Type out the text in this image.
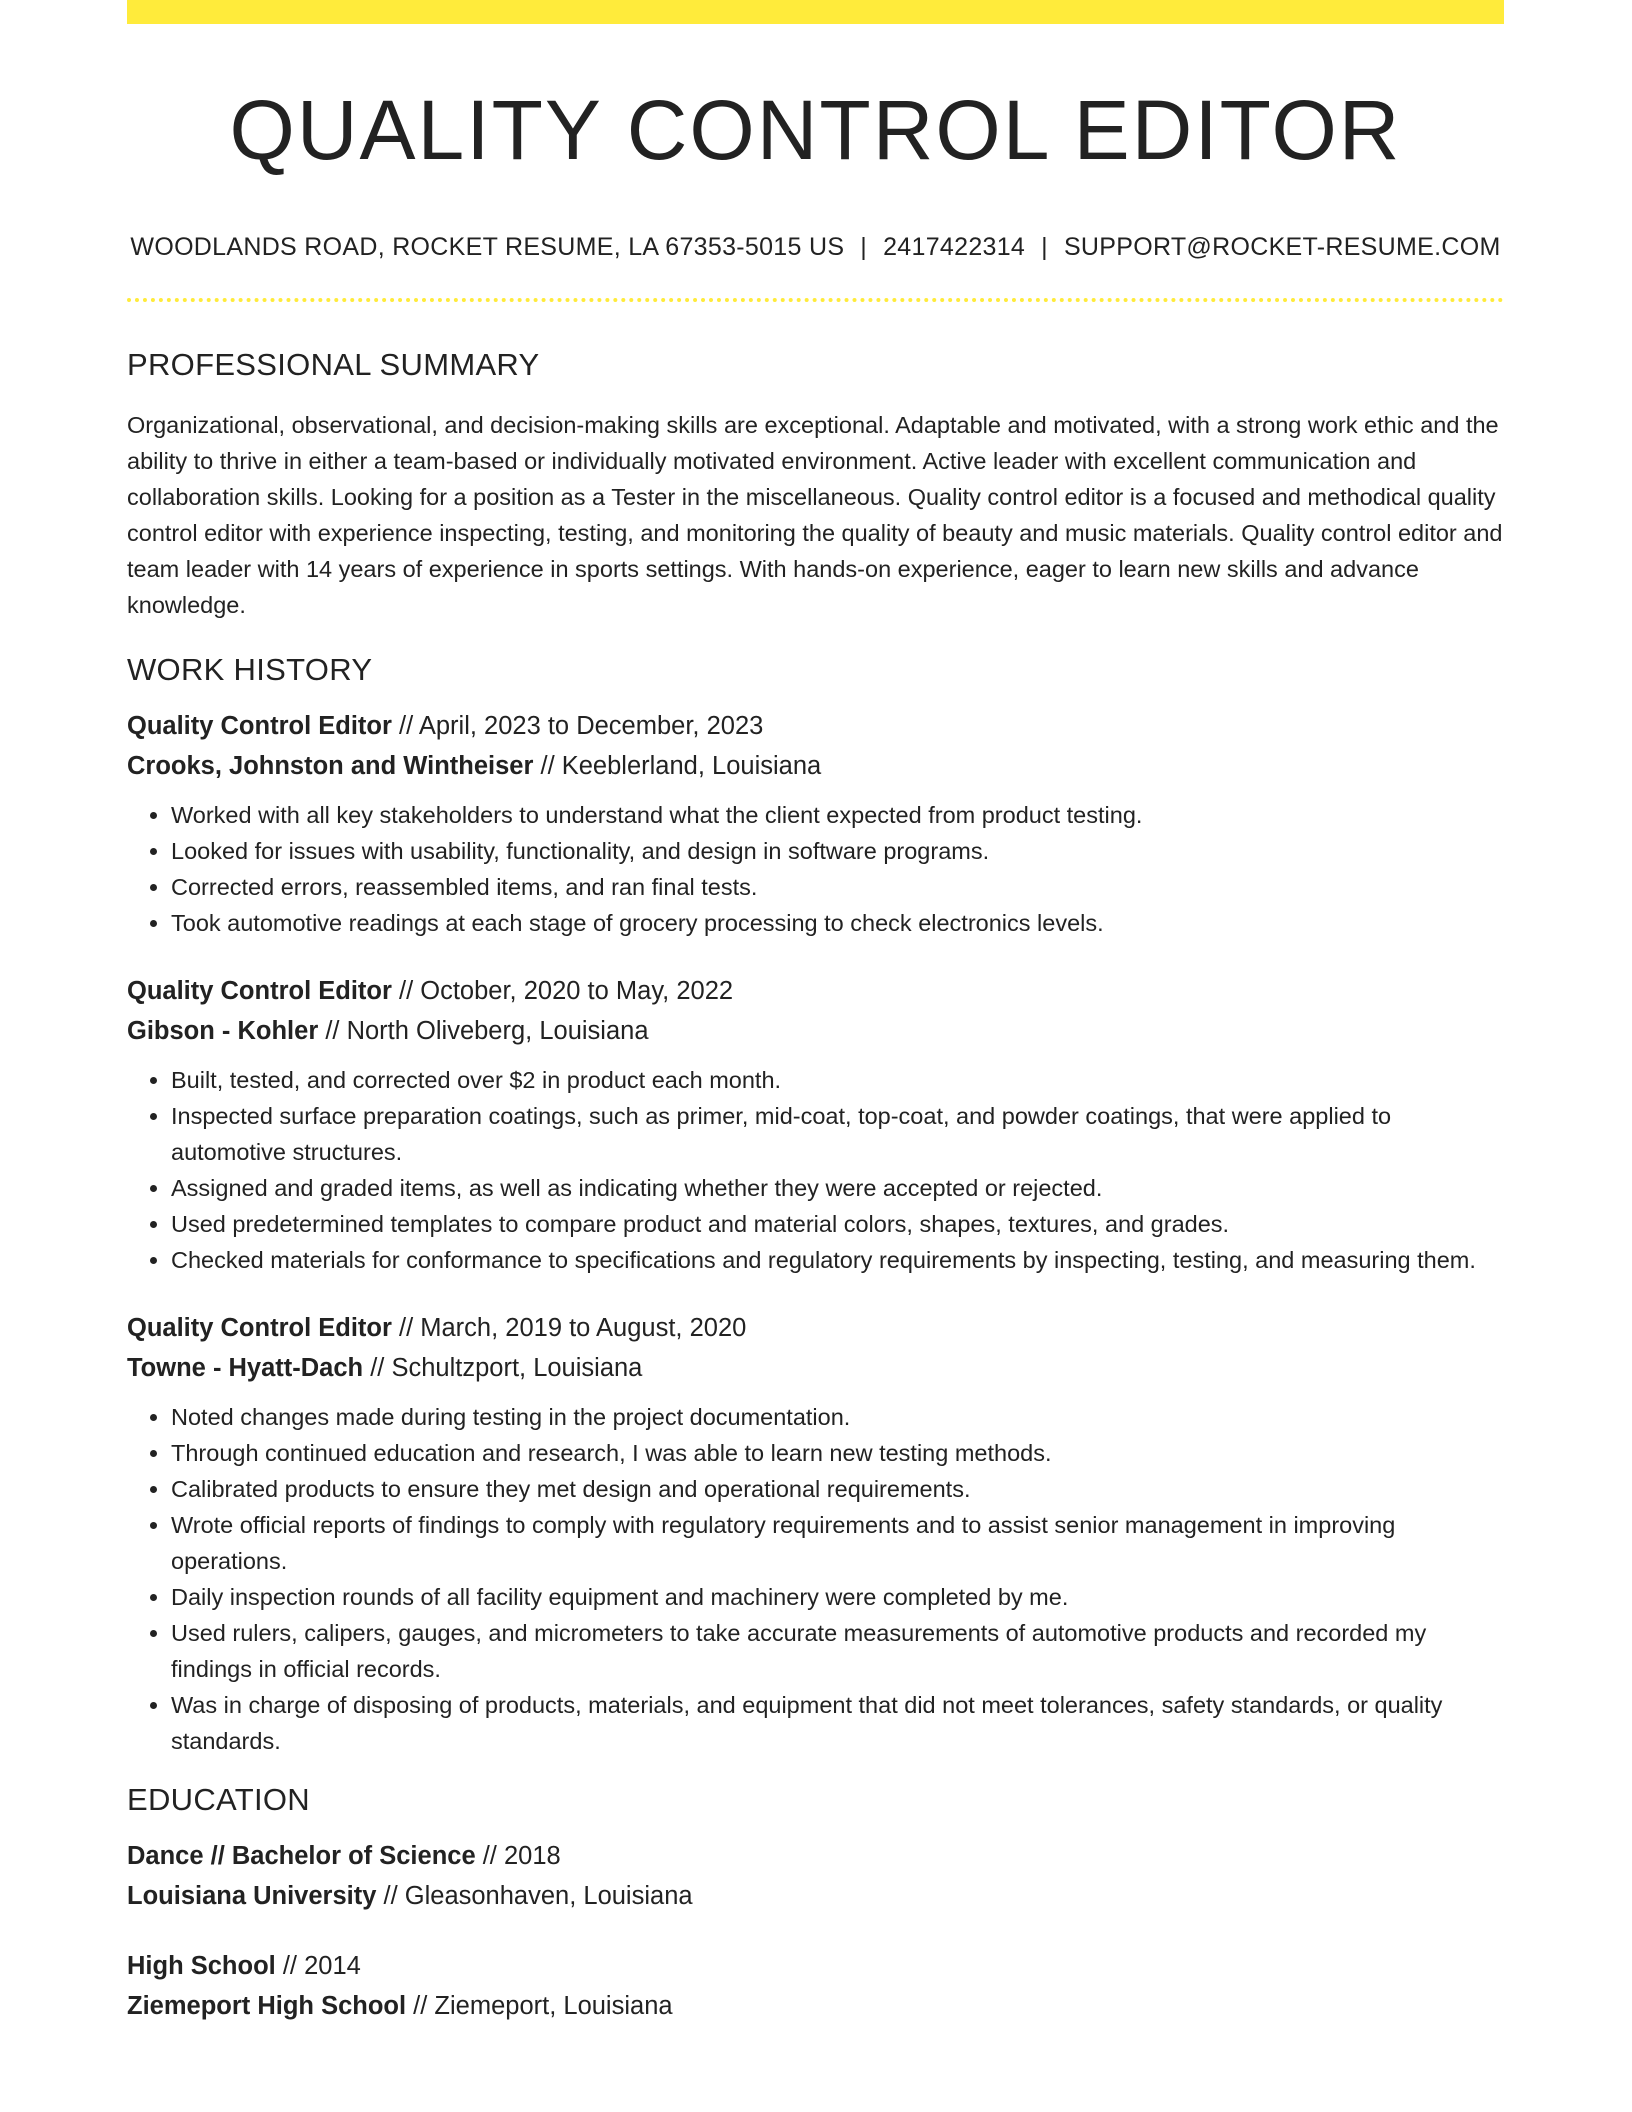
QUALITY CONTROL EDITOR
WOODLANDS ROAD, ROCKET RESUME, LA 67353-5015 US | 2417422314 | SUPPORT@ROCKET-RESUME.COM
PROFESSIONAL SUMMARY
Organizational, observational, and decision-making skills are exceptional. Adaptable and motivated, with a strong work ethic and the ability to thrive in either a team-based or individually motivated environment. Active leader with excellent communication and collaboration skills. Looking for a position as a Tester in the miscellaneous. Quality control editor is a focused and methodical quality control editor with experience inspecting, testing, and monitoring the quality of beauty and music materials. Quality control editor and team leader with 14 years of experience in sports settings. With hands-on experience, eager to learn new skills and advance knowledge.
WORK HISTORY
Quality Control Editor // April, 2023 to December, 2023
Crooks, Johnston and Wintheiser // Keeblerland, Louisiana
• Worked with all key stakeholders to understand what the client expected from product testing.
• Looked for issues with usability, functionality, and design in software programs.
• Corrected errors, reassembled items, and ran final tests.
• Took automotive readings at each stage of grocery processing to check electronics levels.
Quality Control Editor // October, 2020 to May, 2022
Gibson - Kohler // North Oliveberg, Louisiana
• Built, tested, and corrected over $2 in product each month.
• Inspected surface preparation coatings, such as primer, mid-coat, top-coat, and powder coatings, that were applied to automotive structures.
• Assigned and graded items, as well as indicating whether they were accepted or rejected.
• Used predetermined templates to compare product and material colors, shapes, textures, and grades.
• Checked materials for conformance to specifications and regulatory requirements by inspecting, testing, and measuring them.
Quality Control Editor // March, 2019 to August, 2020
Towne - Hyatt-Dach // Schultzport, Louisiana
• Noted changes made during testing in the project documentation.
• Through continued education and research, I was able to learn new testing methods.
• Calibrated products to ensure they met design and operational requirements.
• Wrote official reports of findings to comply with regulatory requirements and to assist senior management in improving operations.
• Daily inspection rounds of all facility equipment and machinery were completed by me.
• Used rulers, calipers, gauges, and micrometers to take accurate measurements of automotive products and recorded my findings in official records.
• Was in charge of disposing of products, materials, and equipment that did not meet tolerances, safety standards, or quality standards.
EDUCATION
Dance // Bachelor of Science // 2018
Louisiana University // Gleasonhaven, Louisiana
High School // 2014
Ziemeport High School // Ziemeport, Louisiana
